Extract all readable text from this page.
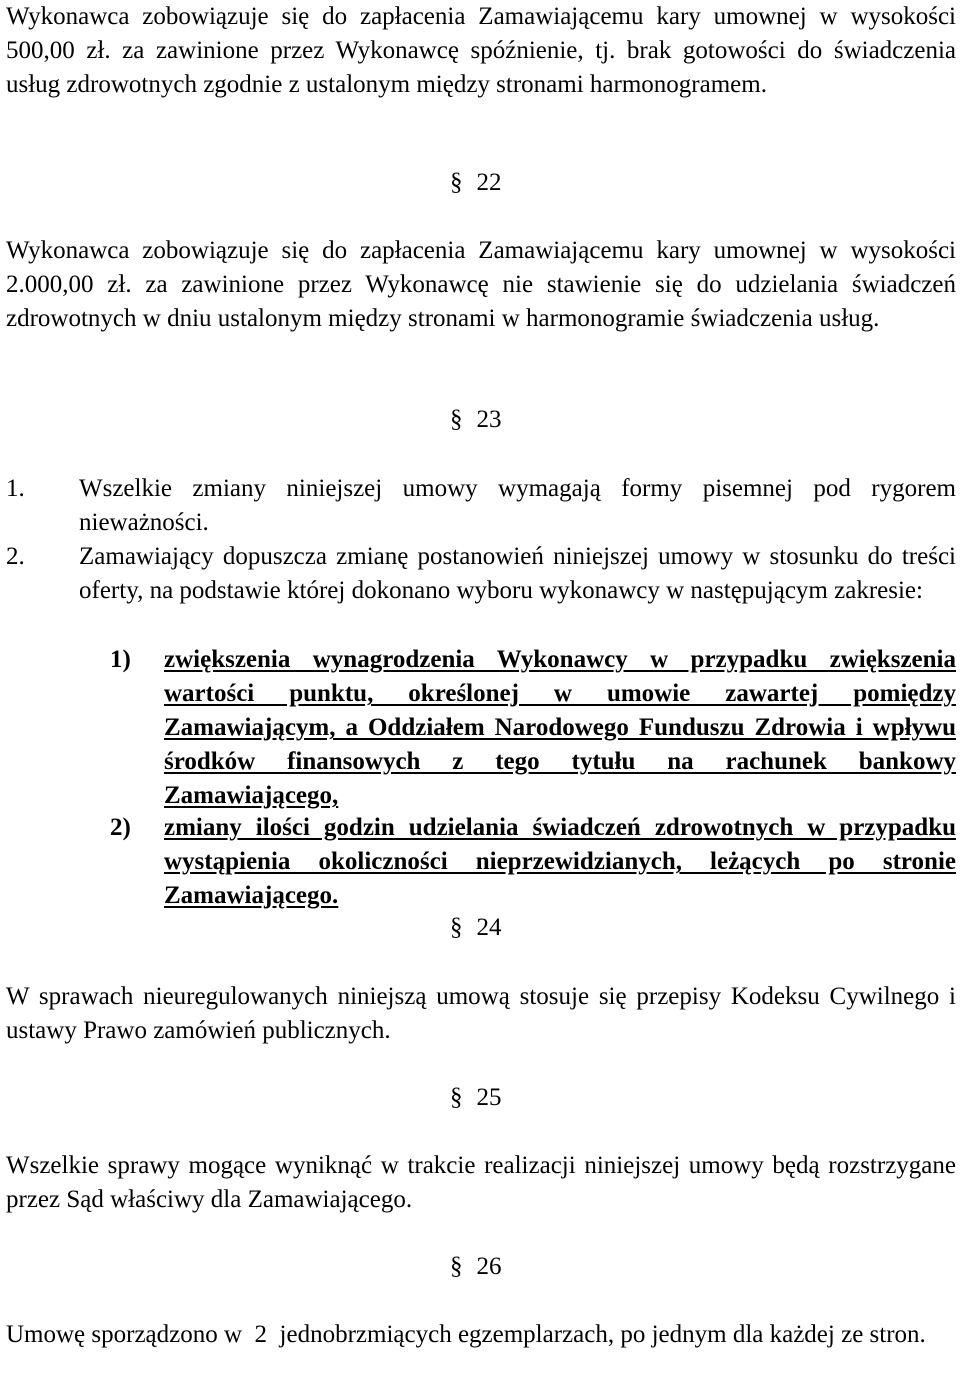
Wykonawca zobowiązuje się do zapłacenia Zamawiającemu kary umownej w wysokości 500,00 zł. za zawinione przez Wykonawcę spóźnienie, tj. brak gotowości do świadczenia usług zdrowotnych zgodnie z ustalonym między stronami harmonogramem.
§ 22
Wykonawca zobowiązuje się do zapłacenia Zamawiającemu kary umownej w wysokości 2.000,00 zł. za zawinione przez Wykonawcę nie stawienie się do udzielania świadczeń zdrowotnych w dniu ustalonym między stronami w harmonogramie świadczenia usług.
§ 23
1. Wszelkie zmiany niniejszej umowy wymagają formy pisemnej pod rygorem nieważności.
2. Zamawiający dopuszcza zmianę postanowień niniejszej umowy w stosunku do treści oferty, na podstawie której dokonano wyboru wykonawcy w następującym zakresie:
1) zwiększenia wynagrodzenia Wykonawcy w przypadku zwiększenia wartości punktu, określonej w umowie zawartej pomiędzy Zamawiającym, a Oddziałem Narodowego Funduszu Zdrowia i wpływu środków finansowych z tego tytułu na rachunek bankowy Zamawiającego,
2) zmiany ilości godzin udzielania świadczeń zdrowotnych w przypadku wystąpienia okoliczności nieprzewidzianych, leżących po stronie Zamawiającego.
§ 24
W sprawach nieuregulowanych niniejszą umową stosuje się przepisy Kodeksu Cywilnego i ustawy Prawo zamówień publicznych.
§ 25
Wszelkie sprawy mogące wyniknąć w trakcie realizacji niniejszej umowy będą rozstrzygane przez Sąd właściwy dla Zamawiającego.
§ 26
Umowę sporządzono w  2  jednobrzmiących egzemplarzach, po jednym dla każdej ze stron.
